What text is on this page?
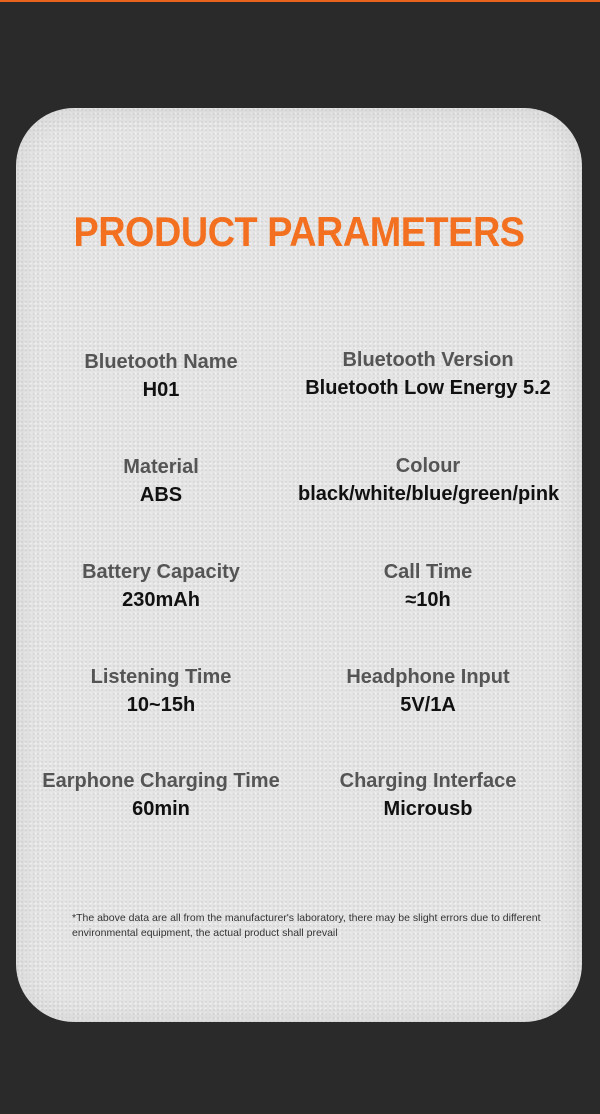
PRODUCT PARAMETERS
Bluetooth Name
H01
Bluetooth Version
Bluetooth Low Energy 5.2
Material
ABS
Colour
black/white/blue/green/pink
Battery Capacity
230mAh
Call Time
≈10h
Listening Time
10~15h
Headphone Input
5V/1A
Earphone Charging Time
60min
Charging Interface
Microusb
*The above data are all from the manufacturer's laboratory, there may be slight errors due to different environmental equipment, the actual product shall prevail
